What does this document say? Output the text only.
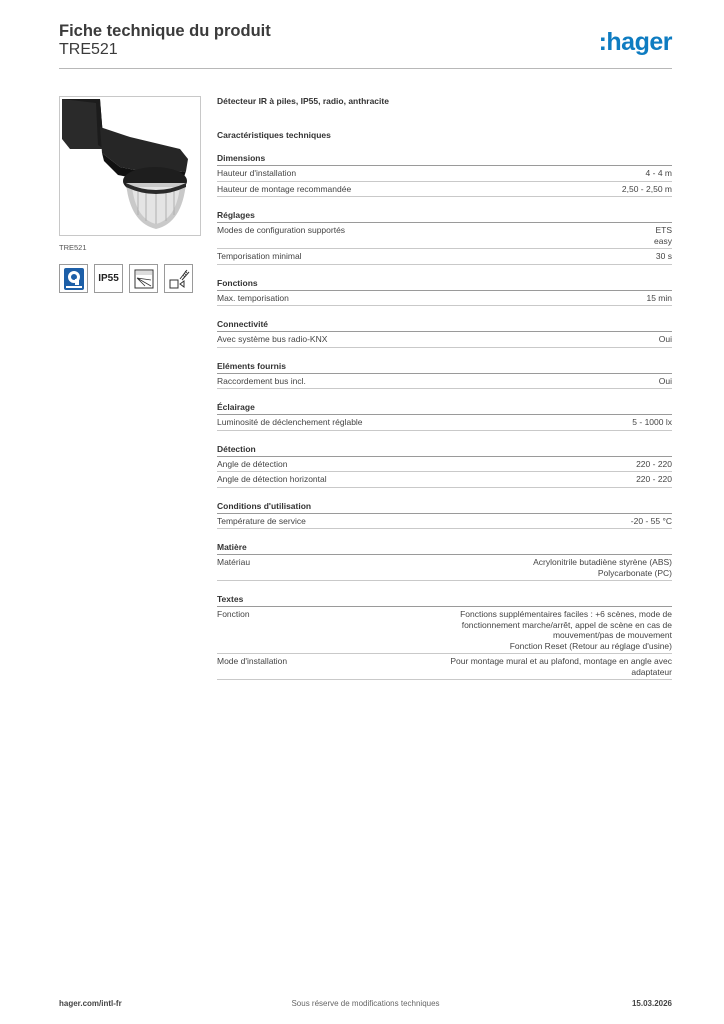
Fiche technique du produit
TRE521	:hager
TRE521
IP55
Détecteur IR à piles, IP55, radio, anthracite
Caractéristiques techniques
Dimensions
Hauteur d'installation	4 - 4 m
Hauteur de montage recommandée	2,50 - 2,50 m
Réglages
Modes de configuration supportés	ETS
easy
Temporisation minimal	30 s
Fonctions
Max. temporisation	15 min
Connectivité
Avec système bus radio-KNX	Oui
Eléments fournis
Raccordement bus incl.	Oui
Éclairage
Luminosité de déclenchement réglable	5 - 1000 lx
Détection
Angle de détection	220 - 220
Angle de détection horizontal	220 - 220
Conditions d'utilisation
Température de service	-20 - 55 °C
Matière
Matériau	Acrylonitrile butadiène styrène (ABS)
Polycarbonate (PC)
Textes
Fonction	Fonctions supplémentaires faciles : +6 scènes, mode de
fonctionnement marche/arrêt, appel de scène en cas de
mouvement/pas de mouvement
Fonction Reset (Retour au réglage d'usine)
Mode d'installation	Pour montage mural et au plafond, montage en angle avec
adaptateur
Sous réserve de modifications techniques
hager.com/intl-fr	15.03.2026
